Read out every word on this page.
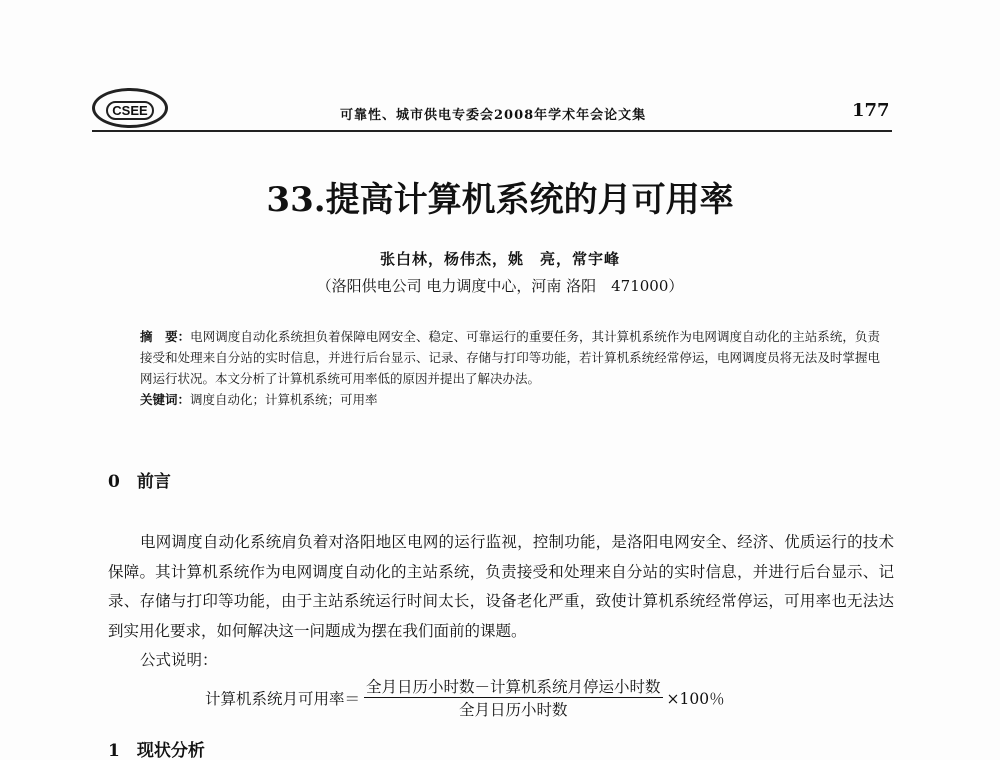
CSEE	可靠性、城市供电专委会2008年学术年会论文集	177
33.提高计算机系统的月可用率
张白林，杨伟杰，姚　亮，常宇峰
（洛阳供电公司 电力调度中心，河南 洛阳　471000）
摘　要：电网调度自动化系统担负着保障电网安全、稳定、可靠运行的重要任务，其计算机系统作为电网调度自动化的主站系统，负责接受和处理来自分站的实时信息，并进行后台显示、记录、存储与打印等功能，若计算机系统经常停运，电网调度员将无法及时掌握电网运行状况。本文分析了计算机系统可用率低的原因并提出了解决办法。
关键词：调度自动化；计算机系统；可用率
0　前言
电网调度自动化系统肩负着对洛阳地区电网的运行监视，控制功能，是洛阳电网安全、经济、优质运行的技术保障。其计算机系统作为电网调度自动化的主站系统，负责接受和处理来自分站的实时信息，并进行后台显示、记录、存储与打印等功能，由于主站系统运行时间太长，设备老化严重，致使计算机系统经常停运，可用率也无法达到实用化要求，如何解决这一问题成为摆在我们面前的课题。
公式说明：
计算机系统月可用率＝ $\frac{\text{全月日历小时数－计算机系统月停运小时数}}{\text{全月日历小时数}} \times 100$％
1　现状分析
